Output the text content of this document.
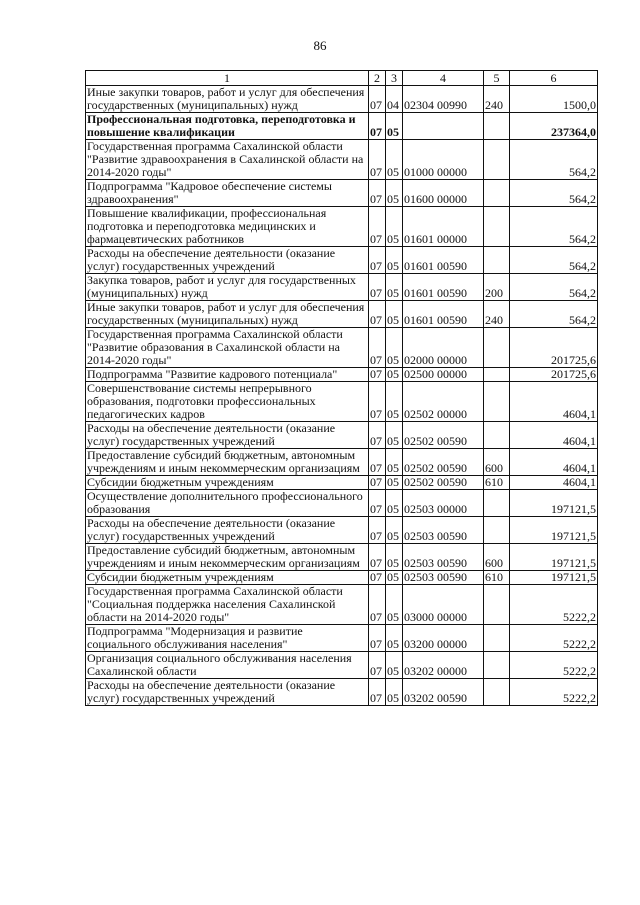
86
1	2	3	4	5	6
Иные закупки товаров, работ и услуг для обеспечения государственных (муниципальных) нужд	07	04	02304 00990	240	1500,0
Профессиональная подготовка, переподготовка и повышение квалификации	07	05			237364,0
Государственная программа Сахалинской области "Развитие здравоохранения в Сахалинской области на 2014-2020 годы"	07	05	01000 00000		564,2
Подпрограмма "Кадровое обеспечение системы здравоохранения"	07	05	01600 00000		564,2
Повышение квалификации, профессиональная подготовка и переподготовка медицинских и фармацевтических работников	07	05	01601 00000		564,2
Расходы на обеспечение деятельности (оказание услуг) государственных учреждений	07	05	01601 00590		564,2
Закупка товаров, работ и услуг для государственных (муниципальных) нужд	07	05	01601 00590	200	564,2
Иные закупки товаров, работ и услуг для обеспечения государственных (муниципальных) нужд	07	05	01601 00590	240	564,2
Государственная программа Сахалинской области "Развитие образования в Сахалинской области на 2014-2020 годы"	07	05	02000 00000		201725,6
Подпрограмма "Развитие кадрового потенциала"	07	05	02500 00000		201725,6
Совершенствование системы непрерывного образования, подготовки профессиональных педагогических кадров	07	05	02502 00000		4604,1
Расходы на обеспечение деятельности (оказание услуг) государственных учреждений	07	05	02502 00590		4604,1
Предоставление субсидий бюджетным, автономным учреждениям и иным некоммерческим организациям	07	05	02502 00590	600	4604,1
Субсидии бюджетным учреждениям	07	05	02502 00590	610	4604,1
Осуществление дополнительного профессионального образования	07	05	02503 00000		197121,5
Расходы на обеспечение деятельности (оказание услуг) государственных учреждений	07	05	02503 00590		197121,5
Предоставление субсидий бюджетным, автономным учреждениям и иным некоммерческим организациям	07	05	02503 00590	600	197121,5
Субсидии бюджетным учреждениям	07	05	02503 00590	610	197121,5
Государственная программа Сахалинской области "Социальная поддержка населения Сахалинской области на 2014-2020 годы"	07	05	03000 00000		5222,2
Подпрограмма "Модернизация и развитие социального обслуживания населения"	07	05	03200 00000		5222,2
Организация социального обслуживания населения Сахалинской области	07	05	03202 00000		5222,2
Расходы на обеспечение деятельности (оказание услуг) государственных учреждений	07	05	03202 00590		5222,2
